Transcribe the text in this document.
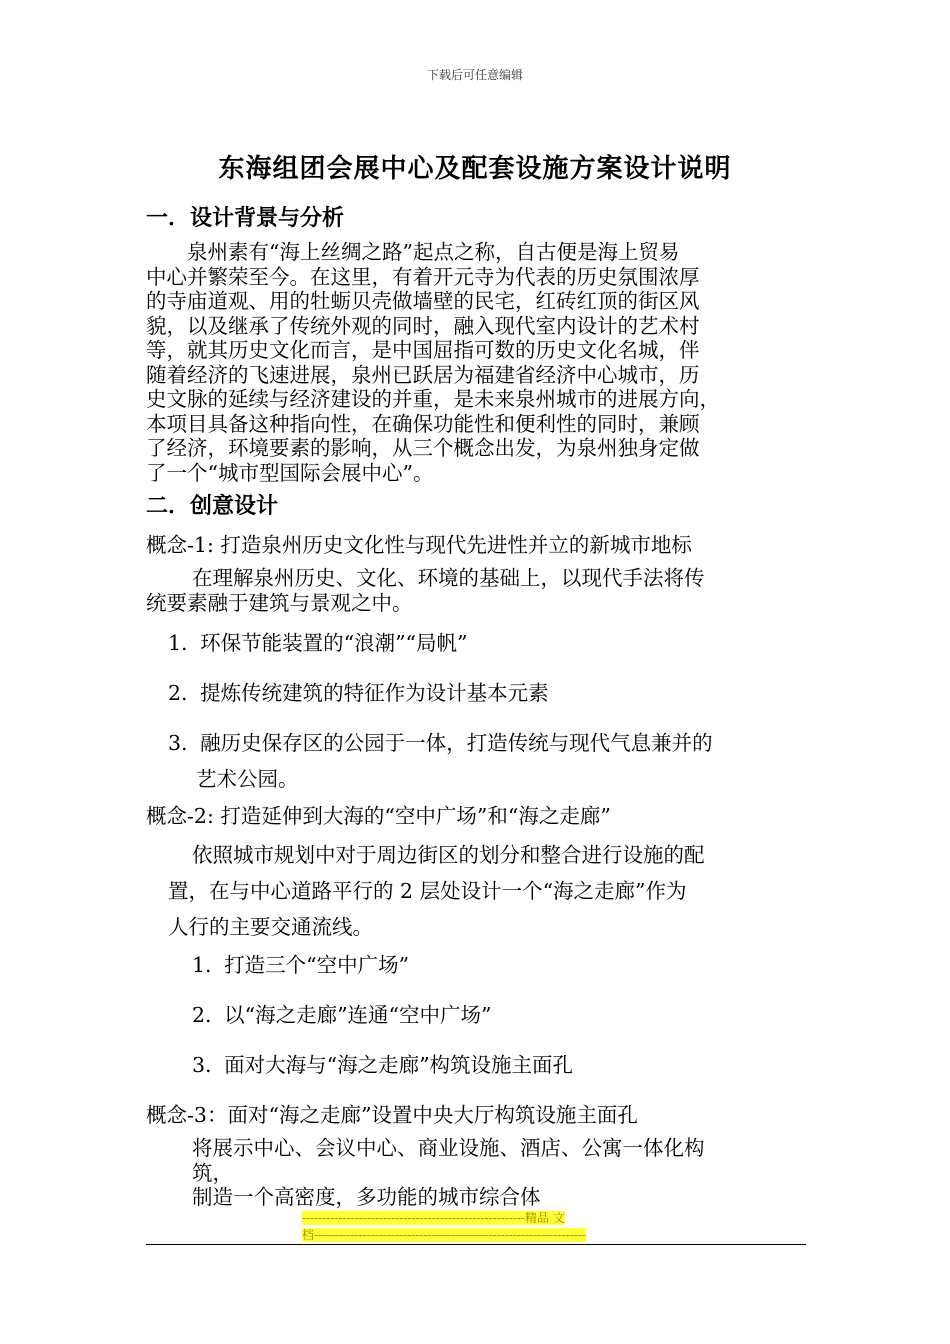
下载后可任意编辑
东海组团会展中心及配套设施方案设计说明
一．设计背景与分析
　　泉州素有“海上丝绸之路”起点之称，自古便是海上贸易
中心并繁荣至今。在这里，有着开元寺为代表的历史氛围浓厚
的寺庙道观、用的牡蛎贝壳做墙壁的民宅，红砖红顶的街区风
貌，以及继承了传统外观的同时，融入现代室内设计的艺术村
等，就其历史文化而言，是中国屈指可数的历史文化名城，伴
随着经济的飞速进展，泉州已跃居为福建省经济中心城市，历
史文脉的延续与经济建设的并重，是未来泉州城市的进展方向，
本项目具备这种指向性，在确保功能性和便利性的同时，兼顾
了经济，环境要素的影响，从三个概念出发，为泉州独身定做
了一个“城市型国际会展中心”。
二．创意设计
概念-1: 打造泉州历史文化性与现代先进性并立的新城市地标
在理解泉州历史、文化、环境的基础上，以现代手法将传
统要素融于建筑与景观之中。
1. 环保节能装置的“浪潮”“局帆”
2. 提炼传统建筑的特征作为设计基本元素
3. 融历史保存区的公园于一体，打造传统与现代气息兼并的
艺术公园。
概念-2: 打造延伸到大海的“空中广场”和“海之走廊”
依照城市规划中对于周边街区的划分和整合进行设施的配
置，在与中心道路平行的 2 层处设计一个“海之走廊”作为
人行的主要交通流线。
1. 打造三个“空中广场”
2. 以“海之走廊”连通“空中广场”
3. 面对大海与“海之走廊”构筑设施主面孔
概念-3：面对“海之走廊”设置中央大厅构筑设施主面孔
将展示中心、会议中心、商业设施、酒店、公寓一体化构
筑，
制造一个高密度，多功能的城市综合体
-------------------------------------------------------精品 文
档-------------------------------------------------------------------
